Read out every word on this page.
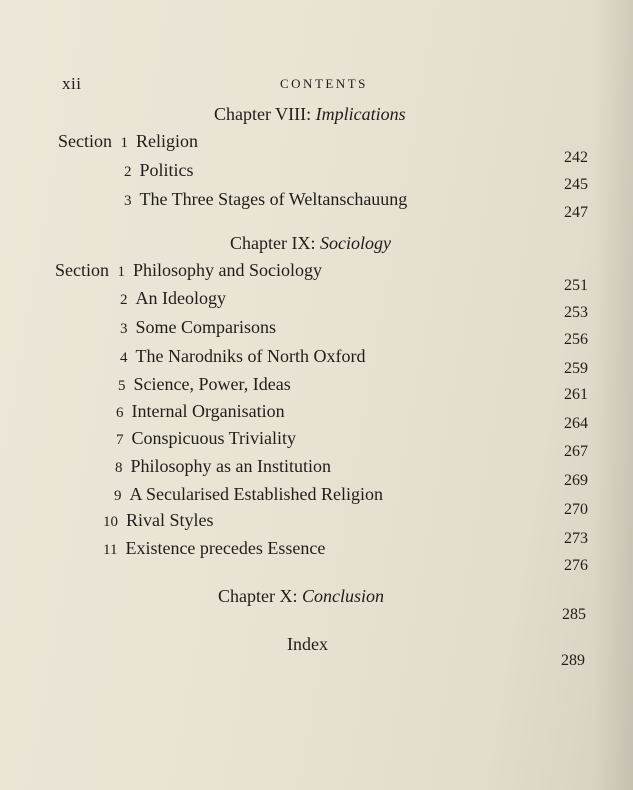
xii	CONTENTS
Chapter VIII: Implications
Section 1 Religion
242
2 Politics
245
3 The Three Stages of Weltanschauung
247
Chapter IX: Sociology
Section 1 Philosophy and Sociology
251
2 An Ideology
253
3 Some Comparisons
256
4 The Narodniks of North Oxford
259
5 Science, Power, Ideas
261
6 Internal Organisation
264
7 Conspicuous Triviality
267
8 Philosophy as an Institution
269
9 A Secularised Established Religion
270
10 Rival Styles
273
11 Existence precedes Essence
276
Chapter X: Conclusion
285
Index
289
